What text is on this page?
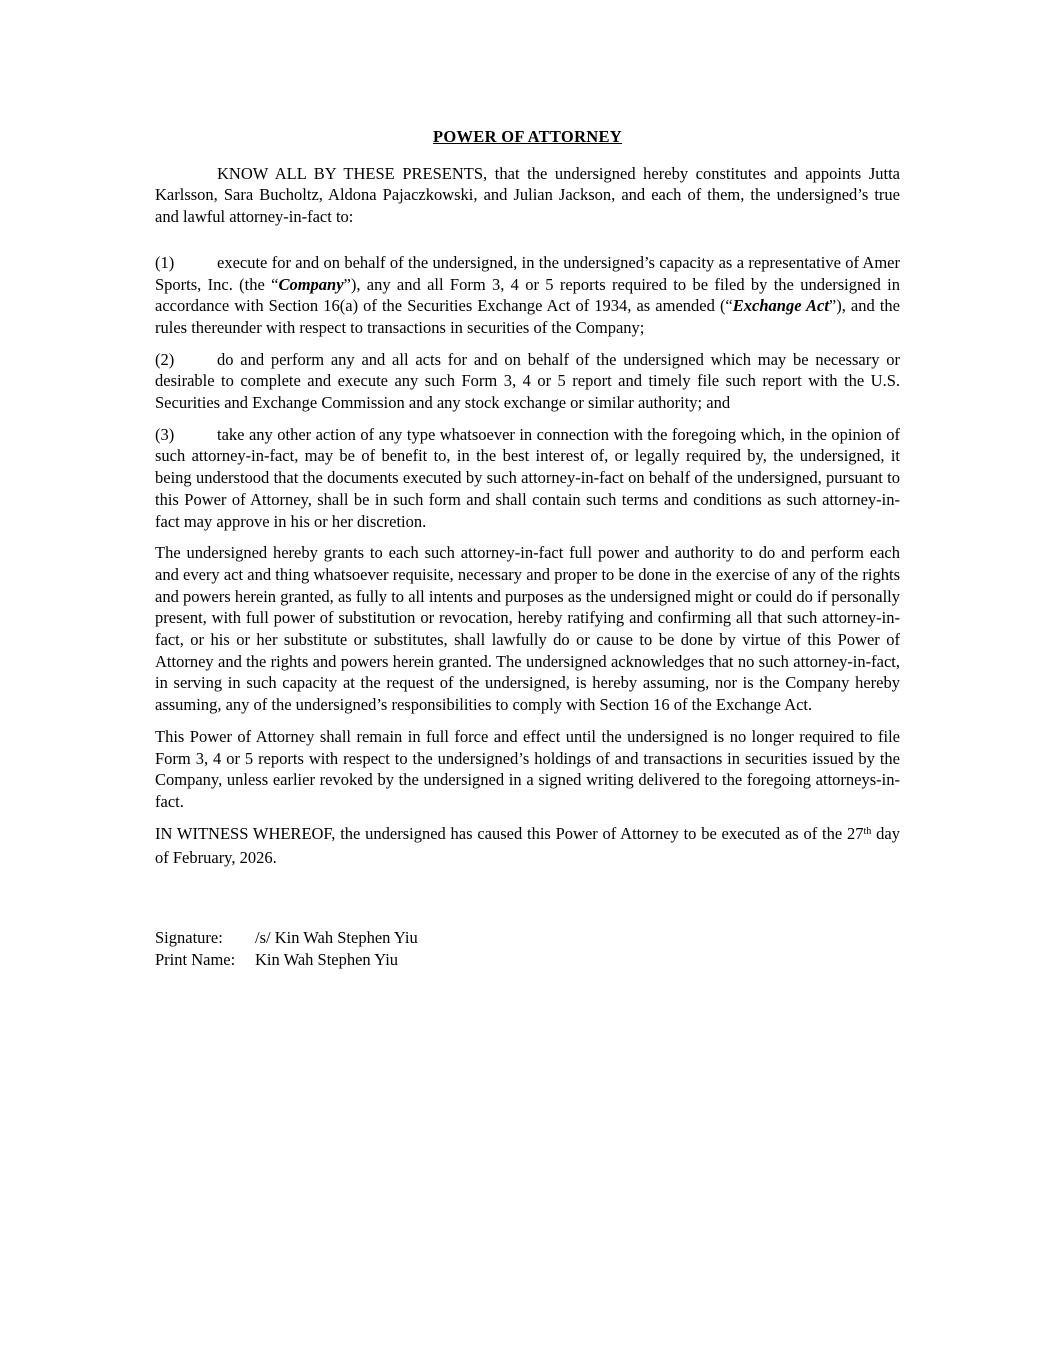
POWER OF ATTORNEY

KNOW ALL BY THESE PRESENTS, that the undersigned hereby constitutes and appoints Jutta Karlsson, Sara Bucholtz, Aldona Pajaczkowski, and Julian Jackson, and each of them, the undersigned’s true and lawful attorney-in-fact to:

(1)	execute for and on behalf of the undersigned, in the undersigned’s capacity as a representative of Amer Sports, Inc. (the “Company”), any and all Form 3, 4 or 5 reports required to be filed by the undersigned in accordance with Section 16(a) of the Securities Exchange Act of 1934, as amended (“Exchange Act”), and the rules thereunder with respect to transactions in securities of the Company;

(2)	do and perform any and all acts for and on behalf of the undersigned which may be necessary or desirable to complete and execute any such Form 3, 4 or 5 report and timely file such report with the U.S. Securities and Exchange Commission and any stock exchange or similar authority; and

(3)	take any other action of any type whatsoever in connection with the foregoing which, in the opinion of such attorney-in-fact, may be of benefit to, in the best interest of, or legally required by, the undersigned, it being understood that the documents executed by such attorney-in-fact on behalf of the undersigned, pursuant to this Power of Attorney, shall be in such form and shall contain such terms and conditions as such attorney-in-fact may approve in his or her discretion.

The undersigned hereby grants to each such attorney-in-fact full power and authority to do and perform each and every act and thing whatsoever requisite, necessary and proper to be done in the exercise of any of the rights and powers herein granted, as fully to all intents and purposes as the undersigned might or could do if personally present, with full power of substitution or revocation, hereby ratifying and confirming all that such attorney-in-fact, or his or her substitute or substitutes, shall lawfully do or cause to be done by virtue of this Power of Attorney and the rights and powers herein granted. The undersigned acknowledges that no such attorney-in-fact, in serving in such capacity at the request of the undersigned, is hereby assuming, nor is the Company hereby assuming, any of the undersigned’s responsibilities to comply with Section 16 of the Exchange Act.

This Power of Attorney shall remain in full force and effect until the undersigned is no longer required to file Form 3, 4 or 5 reports with respect to the undersigned’s holdings of and transactions in securities issued by the Company, unless earlier revoked by the undersigned in a signed writing delivered to the foregoing attorneys-in-fact.

IN WITNESS WHEREOF, the undersigned has caused this Power of Attorney to be executed as of the 27th day of February, 2026.

Signature: /s/ Kin Wah Stephen Yiu
Print Name: Kin Wah Stephen Yiu
